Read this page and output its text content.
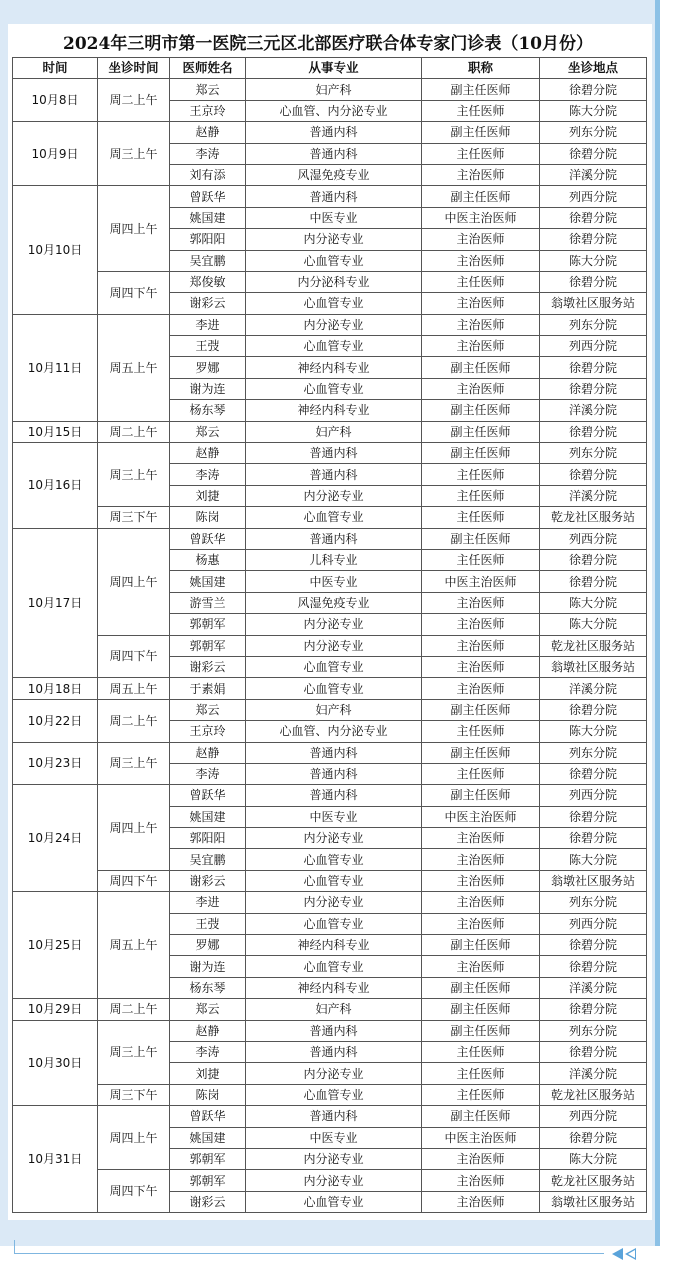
2024年三明市第一医院三元区北部医疗联合体专家门诊表（10月份）
时间	坐诊时间	医师姓名	从事专业	职称	坐诊地点
10月8日	周二上午	郑云	妇产科	副主任医师	徐碧分院
		王京玲	心血管、内分泌专业	主任医师	陈大分院
10月9日	周三上午	赵静	普通内科	副主任医师	列东分院
		李涛	普通内科	主任医师	徐碧分院
		刘有添	风湿免疫专业	主治医师	洋溪分院
10月10日	周四上午	曾跃华	普通内科	副主任医师	列西分院
		姚国建	中医专业	中医主治医师	徐碧分院
		郭阳阳	内分泌专业	主治医师	徐碧分院
		吴宜鹏	心血管专业	主治医师	陈大分院
	周四下午	郑俊敏	内分泌科专业	主任医师	徐碧分院
		谢彩云	心血管专业	主治医师	翁墩社区服务站
10月11日	周五上午	李进	内分泌专业	主治医师	列东分院
		王弢	心血管专业	主治医师	列西分院
		罗娜	神经内科专业	副主任医师	徐碧分院
		谢为连	心血管专业	主治医师	徐碧分院
		杨东琴	神经内科专业	副主任医师	洋溪分院
10月15日	周二上午	郑云	妇产科	副主任医师	徐碧分院
10月16日	周三上午	赵静	普通内科	副主任医师	列东分院
		李涛	普通内科	主任医师	徐碧分院
		刘捷	内分泌专业	主任医师	洋溪分院
	周三下午	陈岗	心血管专业	主任医师	乾龙社区服务站
10月17日	周四上午	曾跃华	普通内科	副主任医师	列西分院
		杨惠	儿科专业	主任医师	徐碧分院
		姚国建	中医专业	中医主治医师	徐碧分院
		游雪兰	风湿免疫专业	主治医师	陈大分院
		郭朝军	内分泌专业	主治医师	陈大分院
	周四下午	郭朝军	内分泌专业	主治医师	乾龙社区服务站
		谢彩云	心血管专业	主治医师	翁墩社区服务站
10月18日	周五上午	于素娟	心血管专业	主治医师	洋溪分院
10月22日	周二上午	郑云	妇产科	副主任医师	徐碧分院
		王京玲	心血管、内分泌专业	主任医师	陈大分院
10月23日	周三上午	赵静	普通内科	副主任医师	列东分院
		李涛	普通内科	主任医师	徐碧分院
10月24日	周四上午	曾跃华	普通内科	副主任医师	列西分院
		姚国建	中医专业	中医主治医师	徐碧分院
		郭阳阳	内分泌专业	主治医师	徐碧分院
		吴宜鹏	心血管专业	主治医师	陈大分院
	周四下午	谢彩云	心血管专业	主治医师	翁墩社区服务站
10月25日	周五上午	李进	内分泌专业	主治医师	列东分院
		王弢	心血管专业	主治医师	列西分院
		罗娜	神经内科专业	副主任医师	徐碧分院
		谢为连	心血管专业	主治医师	徐碧分院
		杨东琴	神经内科专业	副主任医师	洋溪分院
10月29日	周二上午	郑云	妇产科	副主任医师	徐碧分院
10月30日	周三上午	赵静	普通内科	副主任医师	列东分院
		李涛	普通内科	主任医师	徐碧分院
		刘捷	内分泌专业	主任医师	洋溪分院
	周三下午	陈岗	心血管专业	主任医师	乾龙社区服务站
10月31日	周四上午	曾跃华	普通内科	副主任医师	列西分院
		姚国建	中医专业	中医主治医师	徐碧分院
		郭朝军	内分泌专业	主治医师	陈大分院
	周四下午	郭朝军	内分泌专业	主治医师	乾龙社区服务站
		谢彩云	心血管专业	主治医师	翁墩社区服务站
